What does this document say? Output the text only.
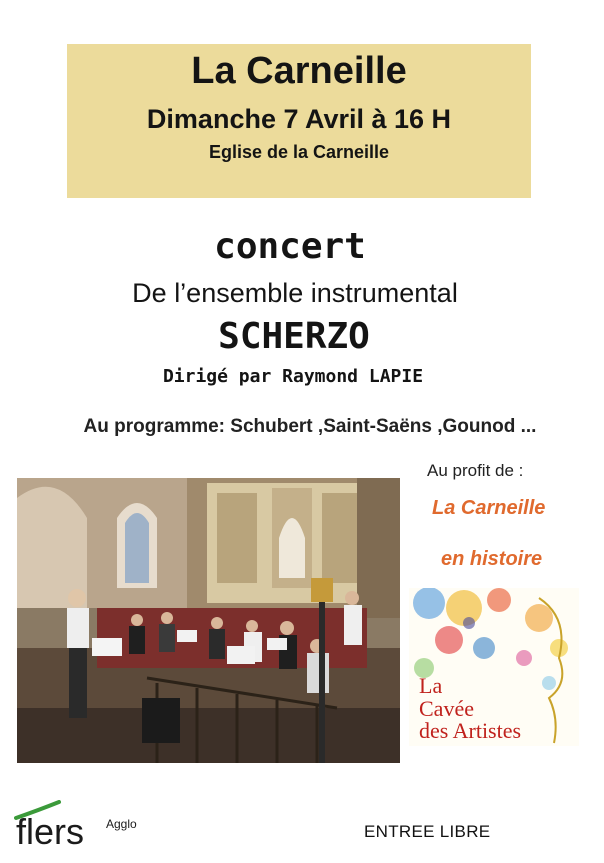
La Carneille
Dimanche 7 Avril à 16 H
Eglise de la Carneille
concert
De l’ensemble instrumental
SCHERZO
Dirigé par Raymond LAPIE
Au programme: Schubert ,Saint-Saëns ,Gounod ...
Au profit de :
La Carneille
en histoire
La
Cavée
des Artistes
flers Agglo	ENTREE LIBRE
